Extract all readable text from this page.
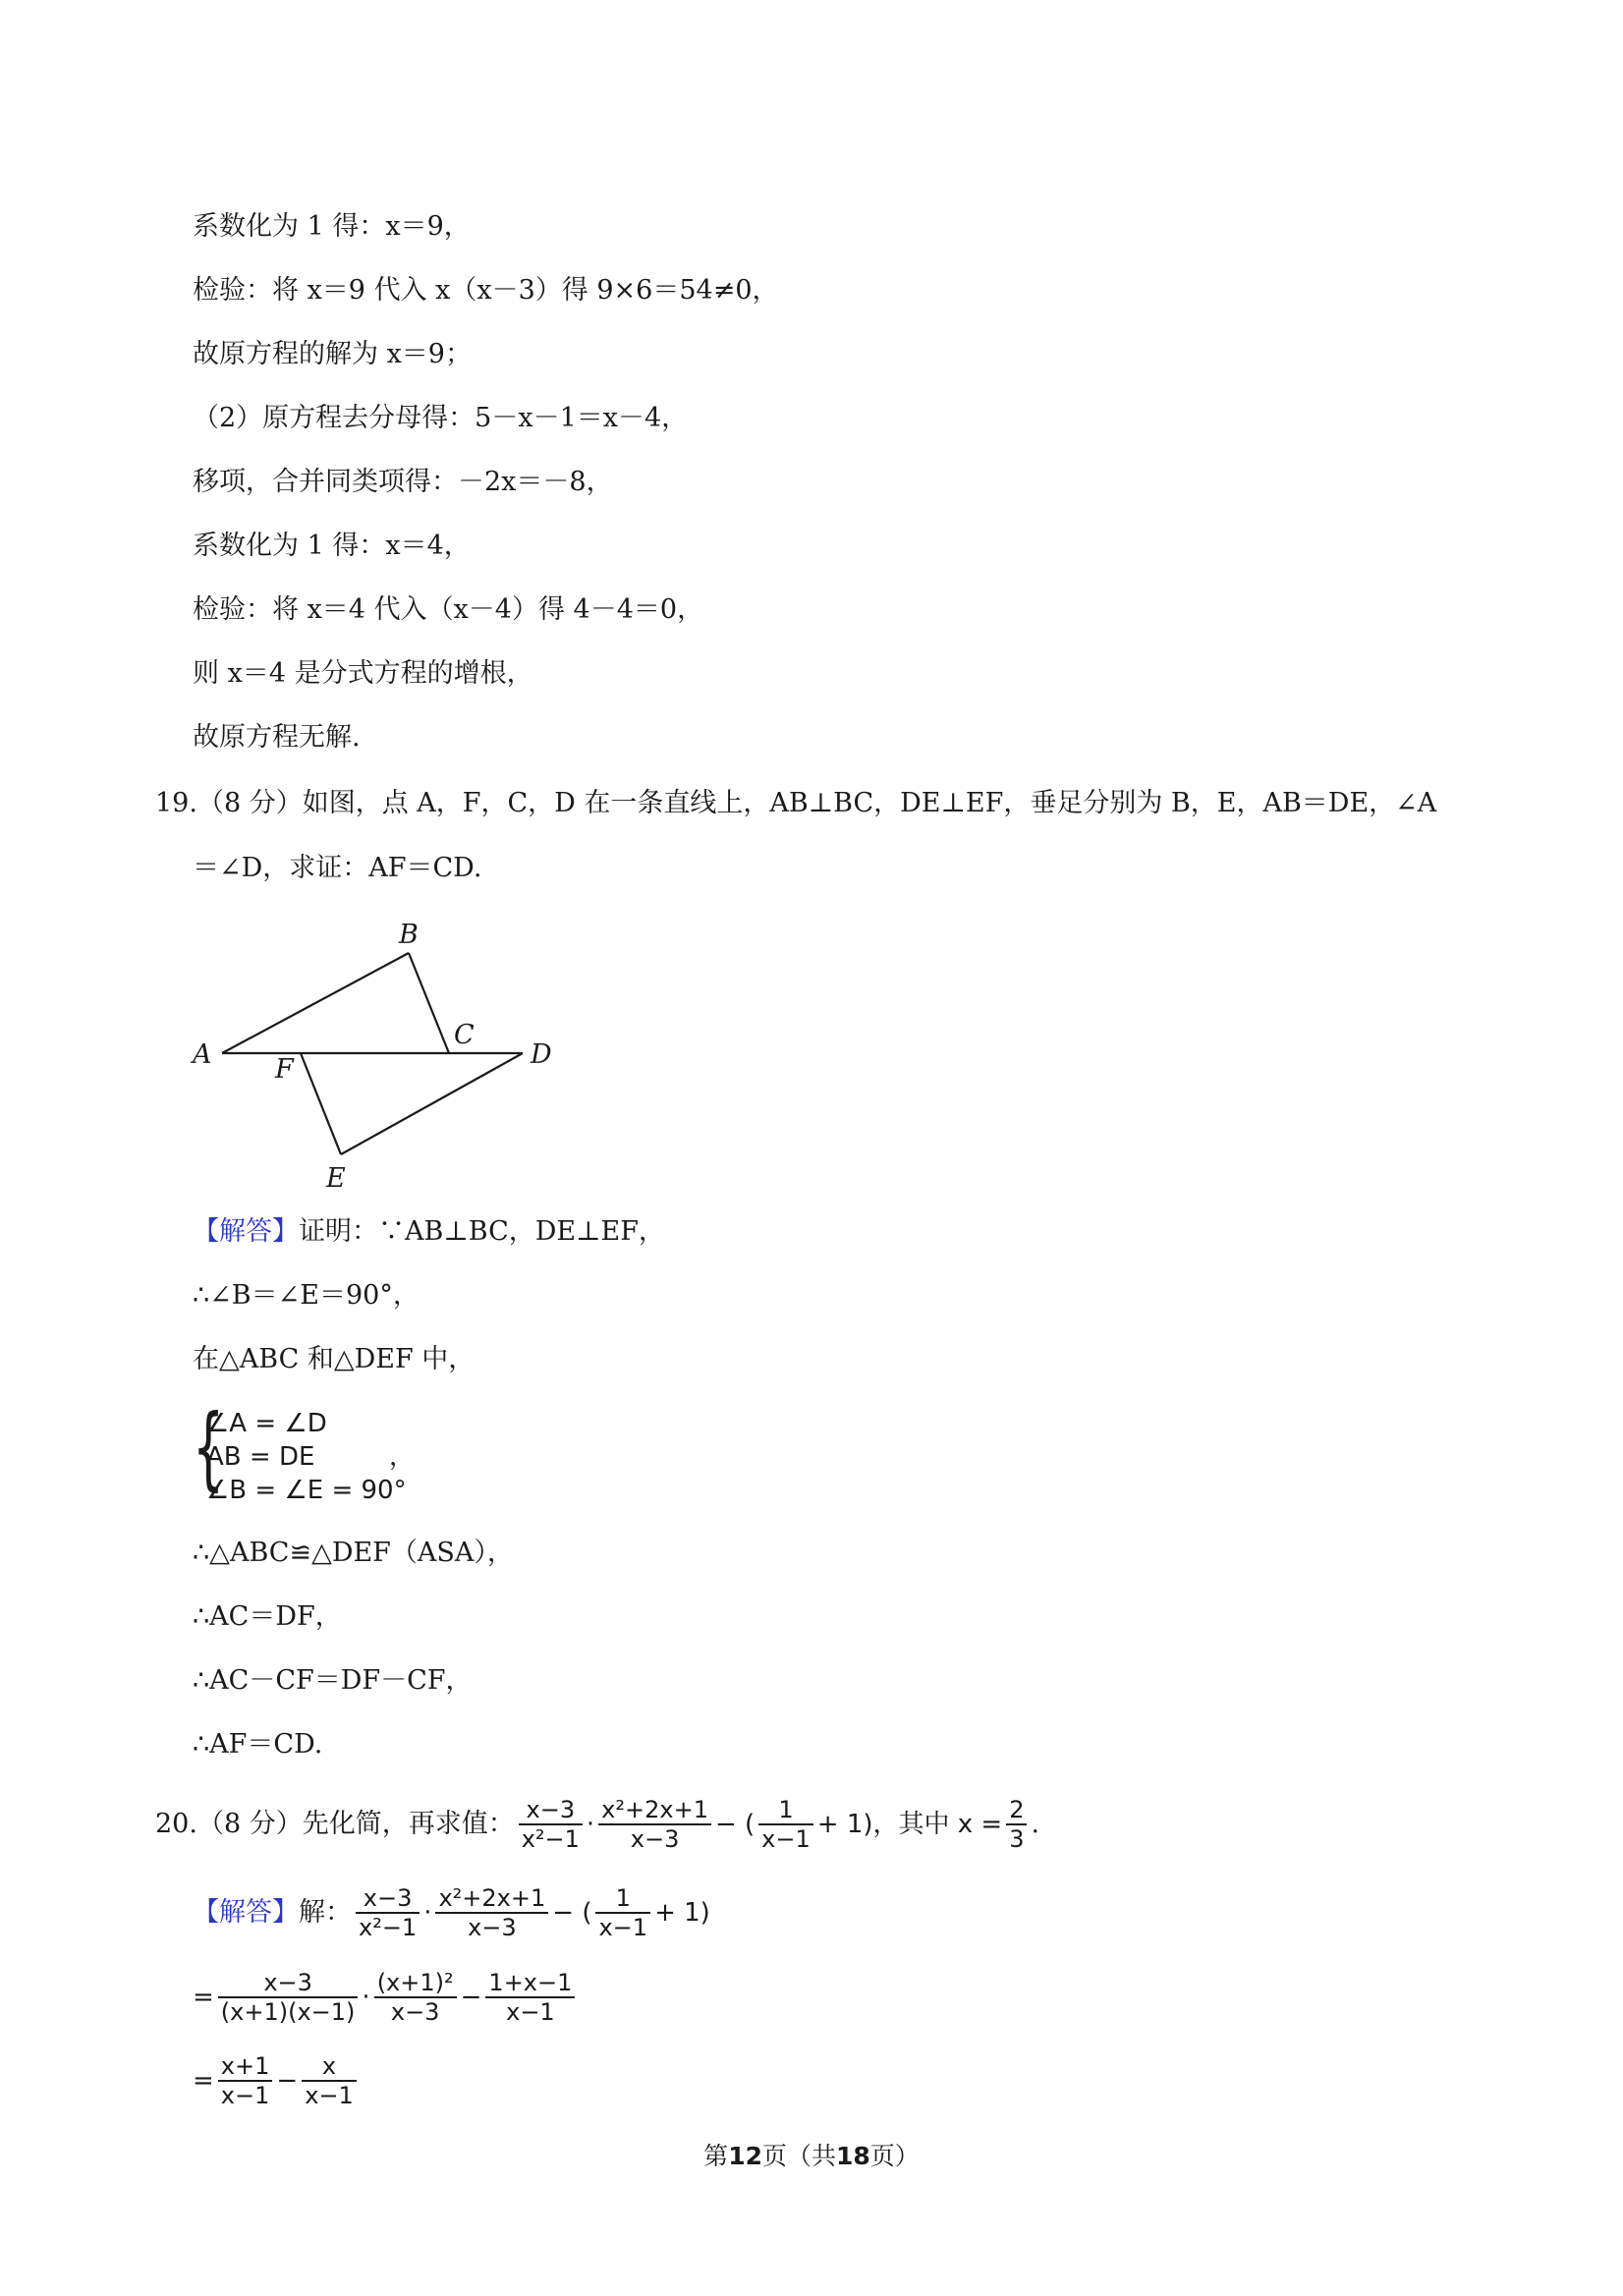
系数化为 1 得：x＝9，
检验：将 x＝9 代入 x（x－3）得 9×6＝54≠0，
故原方程的解为 x＝9；
（2）原方程去分母得：5－x－1＝x－4，
移项，合并同类项得：－2x＝－8，
系数化为 1 得：x＝4，
检验：将 x＝4 代入（x－4）得 4－4＝0，
则 x＝4 是分式方程的增根，
故原方程无解.
19.（8 分）如图，点 A，F，C，D 在一条直线上，AB⊥BC，DE⊥EF，垂足分别为 B，E，AB＝DE，∠A
＝∠D，求证：AF＝CD.
A
B
C
D
E
F
【解答】证明：∵AB⊥BC，DE⊥EF，
∴∠B＝∠E＝90°，
在△ABC 和△DEF 中，
{
∠A = ∠D
AB = DE
∠B = ∠E = 90°
，
∴△ABC≌△DEF（ASA），
∴AC＝DF，
∴AC－CF＝DF－CF，
∴AF＝CD.
20.（8 分）先化简，再求值： $\frac{x-3}{\text{x²−1}} \cdot \frac{\text{x²+2x+1}}{x-3}$ − ( $\frac{1}{x-1} + 1$)，其中 $x = \frac{2}{3}$ .
【解答】 解： $\frac{x-3}{\text{x²−1}} \cdot \frac{\text{x²+2x+1}}{x-3}$ − ( $\frac{1}{x-1} + 1$)
= $\frac{x-3}{(x+1)(x-1)} \cdot \frac{\text{(x+1)²}}{x-3} - \frac{1+x-1}{x-1}$
= $\frac{x+1}{x-1} - \frac{x}{x-1}$
第12页（共18页）
